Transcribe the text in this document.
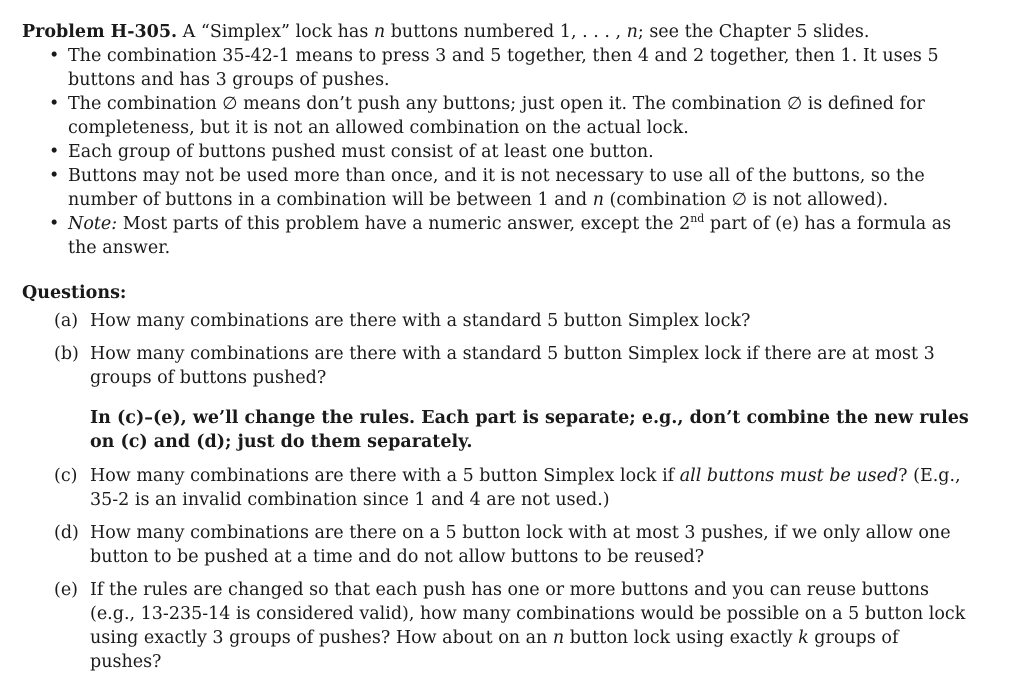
Problem H-305. A “Simplex” lock has n buttons numbered 1, . . . , n; see the Chapter 5 slides.
• The combination 35-42-1 means to press 3 and 5 together, then 4 and 2 together, then 1. It uses 5 buttons and has 3 groups of pushes.
• The combination ∅ means don’t push any buttons; just open it. The combination ∅ is defined for completeness, but it is not an allowed combination on the actual lock.
• Each group of buttons pushed must consist of at least one button.
• Buttons may not be used more than once, and it is not necessary to use all of the buttons, so the number of buttons in a combination will be between 1 and n (combination ∅ is not allowed).
• Note: Most parts of this problem have a numeric answer, except the 2nd part of (e) has a formula as the answer.
Questions:
(a) How many combinations are there with a standard 5 button Simplex lock?
(b) How many combinations are there with a standard 5 button Simplex lock if there are at most 3 groups of buttons pushed?
In (c)–(e), we’ll change the rules. Each part is separate; e.g., don’t combine the new rules on (c) and (d); just do them separately.
(c) How many combinations are there with a 5 button Simplex lock if all buttons must be used? (E.g., 35-2 is an invalid combination since 1 and 4 are not used.)
(d) How many combinations are there on a 5 button lock with at most 3 pushes, if we only allow one button to be pushed at a time and do not allow buttons to be reused?
(e) If the rules are changed so that each push has one or more buttons and you can reuse buttons (e.g., 13-235-14 is considered valid), how many combinations would be possible on a 5 button lock using exactly 3 groups of pushes? How about on an n button lock using exactly k groups of pushes?
